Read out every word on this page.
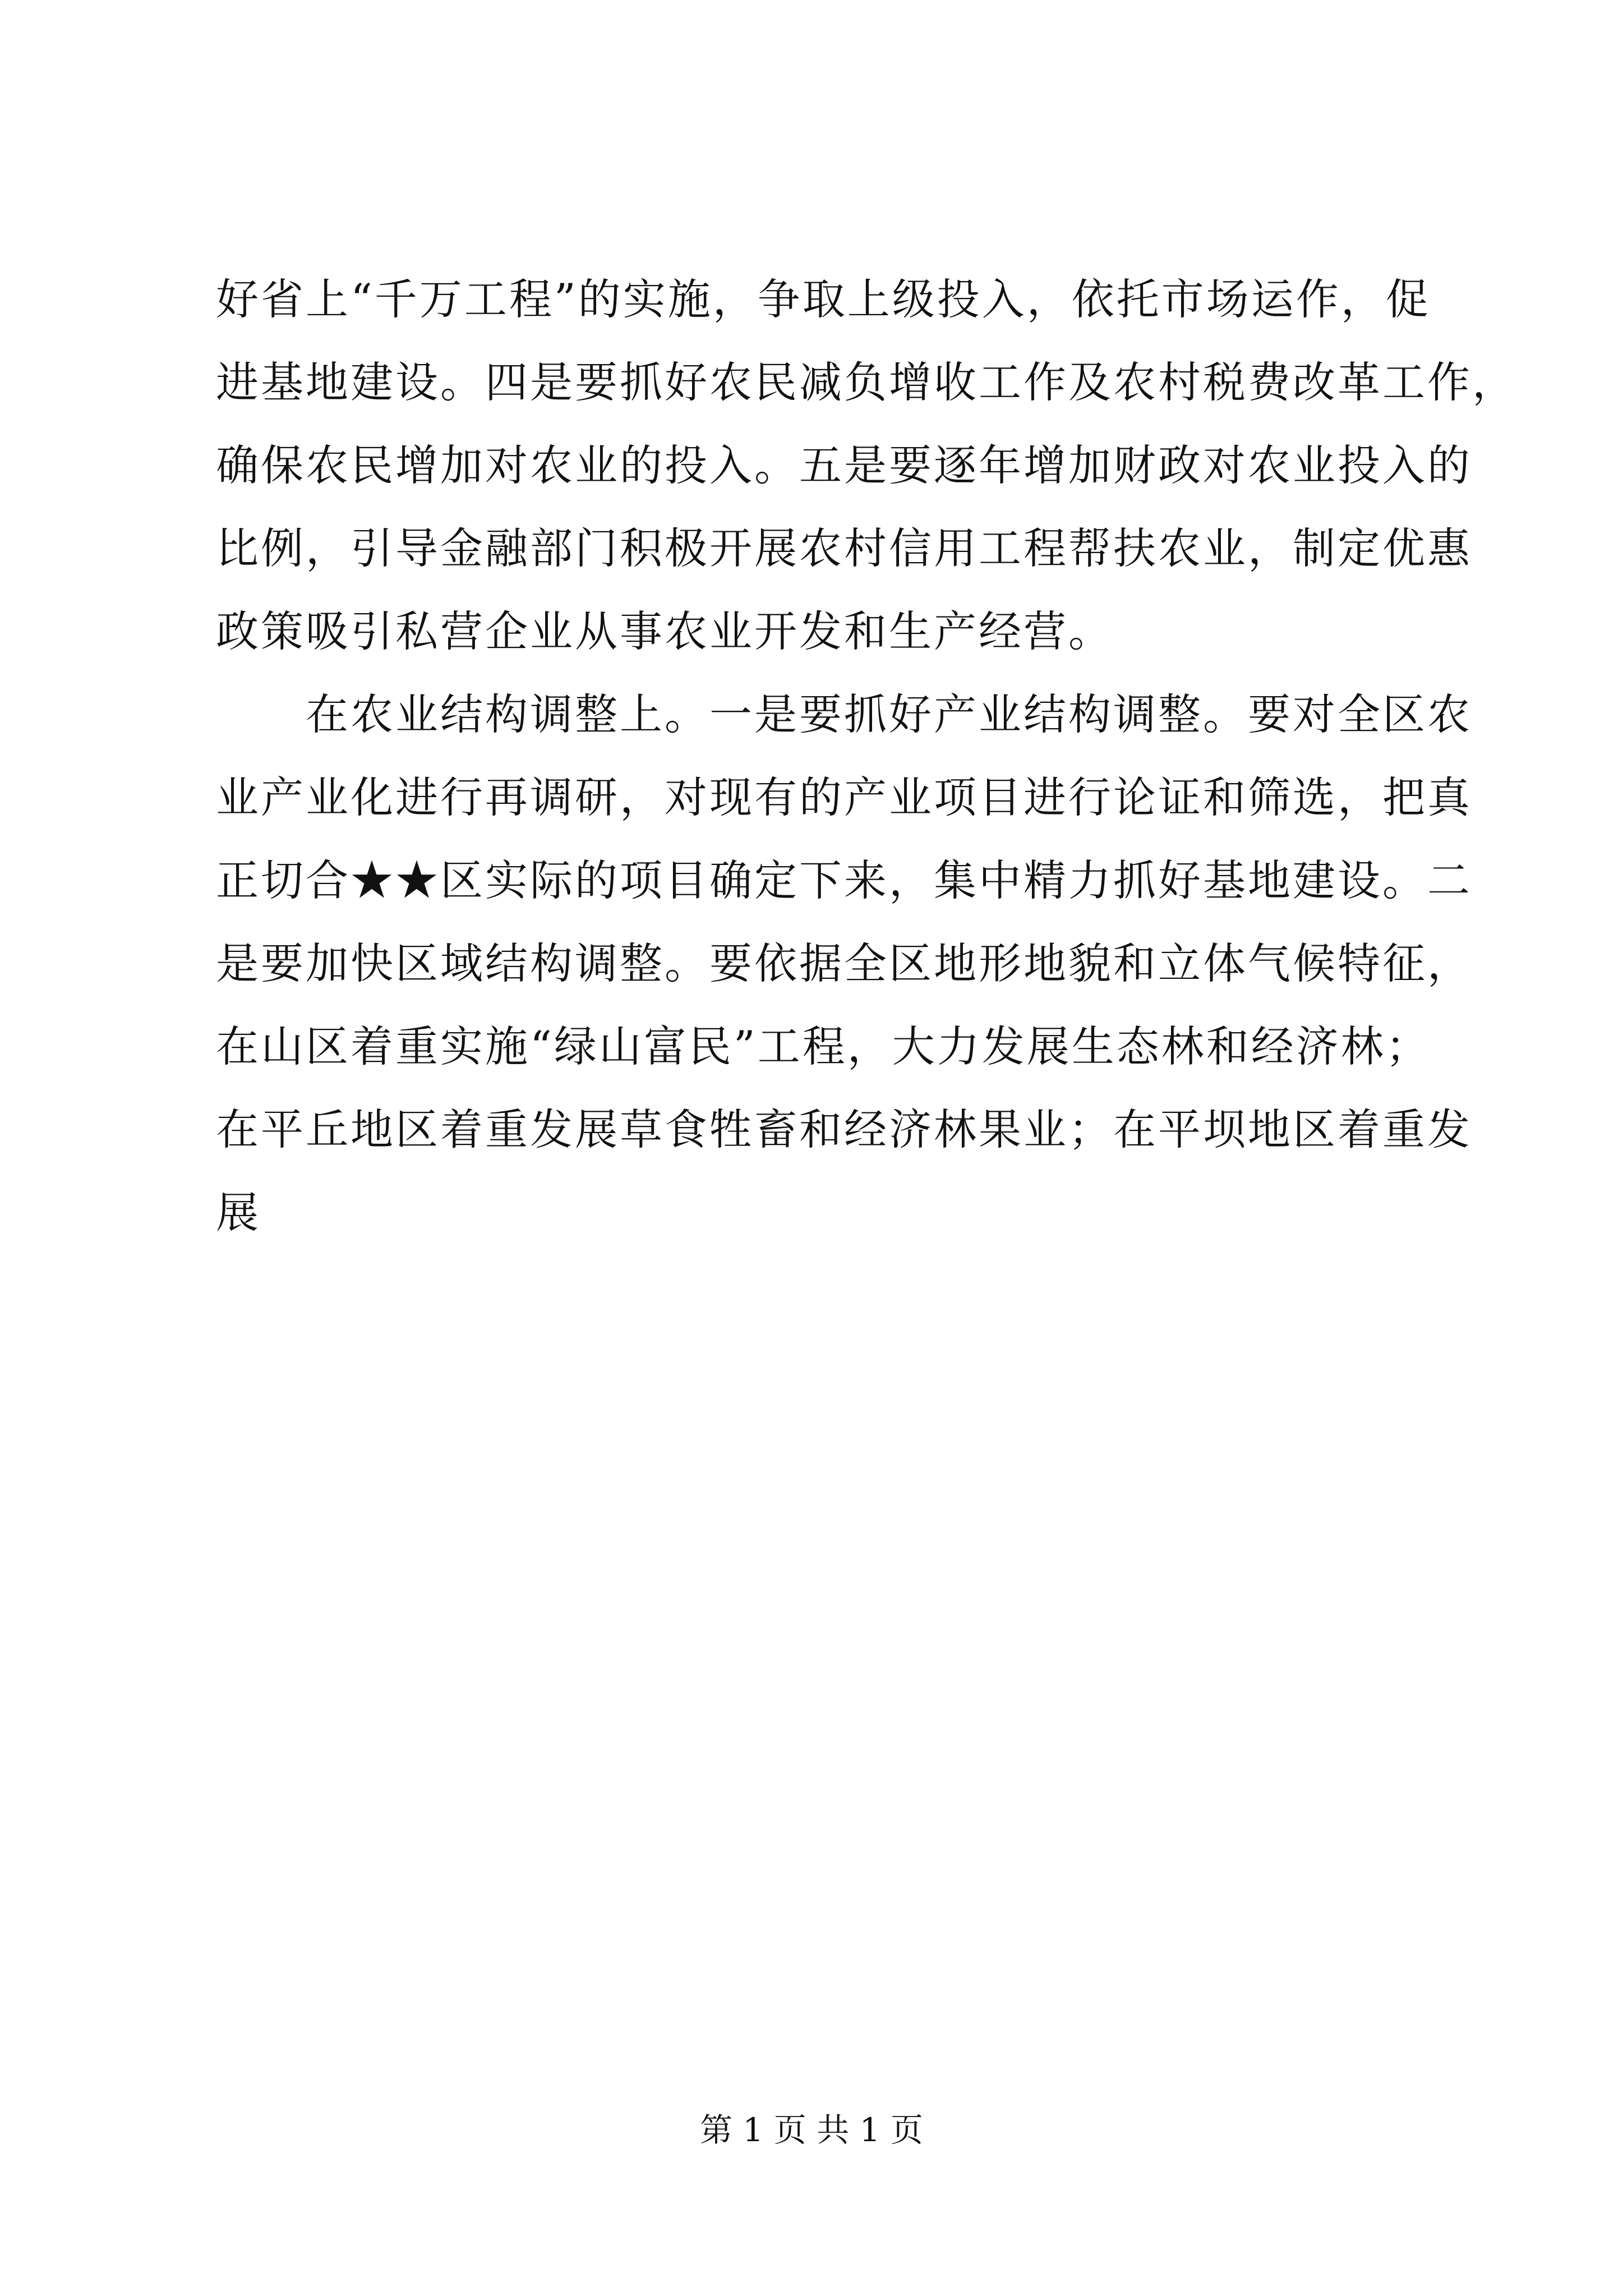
好省上“千万工程”的实施，争取上级投入，依托市场运作，促
进基地建设。四是要抓好农民减负增收工作及农村税费改革工作，
确保农民增加对农业的投入。五是要逐年增加财政对农业投入的
比例，引导金融部门积极开展农村信用工程帮扶农业，制定优惠
政策吸引私营企业从事农业开发和生产经营。
在农业结构调整上。一是要抓好产业结构调整。要对全区农
业产业化进行再调研，对现有的产业项目进行论证和筛选，把真
正切合★★区实际的项目确定下来，集中精力抓好基地建设。二
是要加快区域结构调整。要依据全区地形地貌和立体气候特征，
在山区着重实施“绿山富民”工程，大力发展生态林和经济林；
在平丘地区着重发展草食牲畜和经济林果业；在平坝地区着重发
展
第 1 页 共 1 页
